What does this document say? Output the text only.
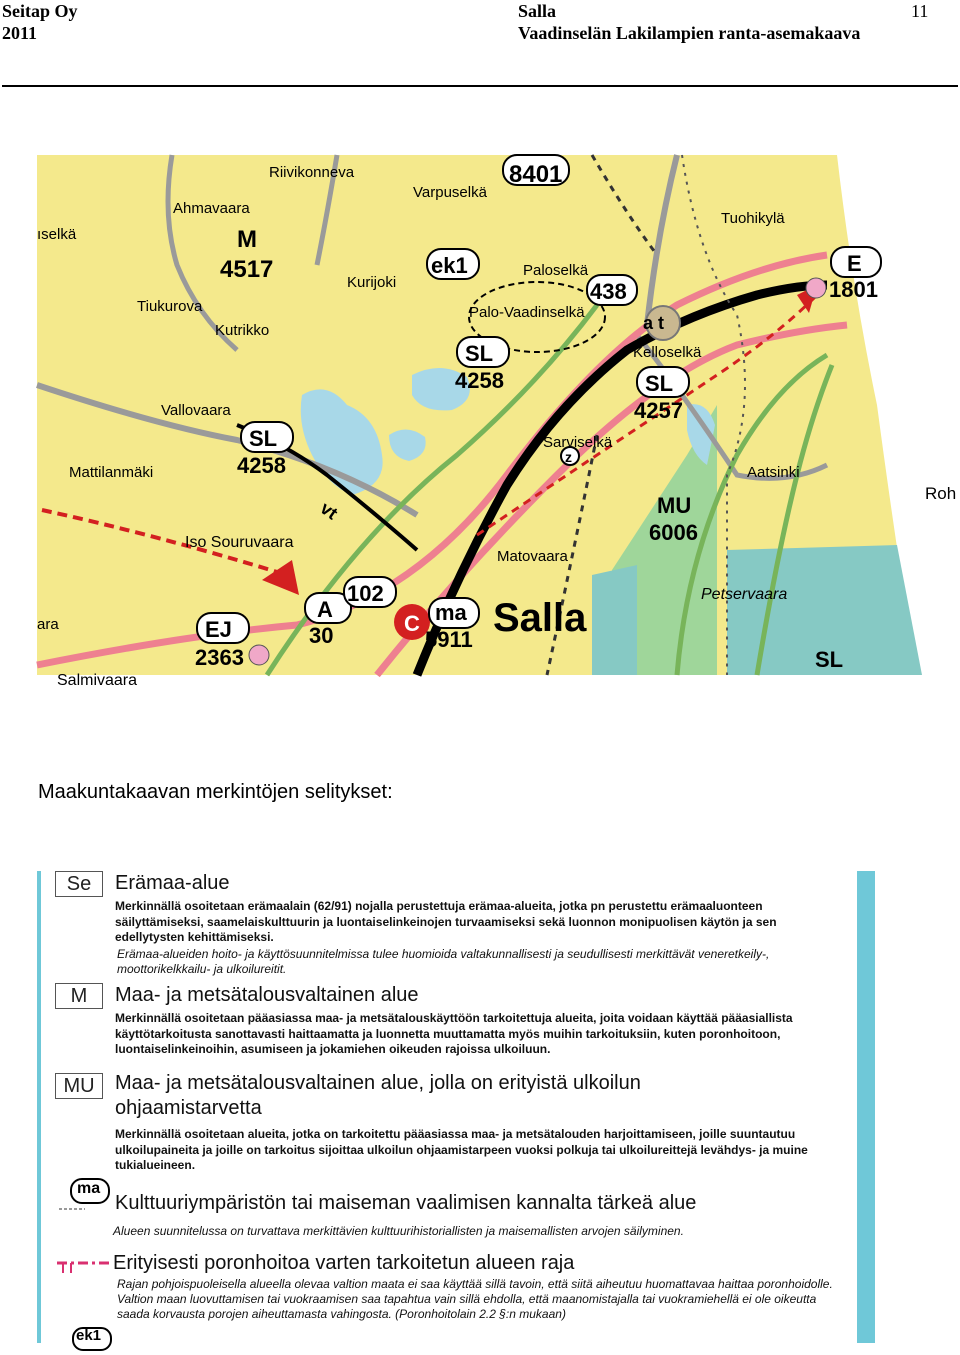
Seitap Oy
2011
Salla
Vaadinselän Lakilampien ranta-asemakaava
11
8401
M
4517	ek1
438
SL
4258
SL
4258
SL
4257
E
1801
MU
6006
A
30
102
EJ
2363
C ma
5911
SL
a t
z
Riivikonneva
Varpuselkä
Ahmavaara
ıselkä
Kurijoki
Tiukurova
Kutrikko
Paloselkä
Palo-Vaadinselkä
Kelloselkä
Vallovaara
Mattilanmäki
Sarviselkä
Tuohikylä
Aatsinki
Roh
Iso Souruvaara
Matovaara
Petservaara
Salla
ara
Salmivaara
vt
Maakuntakaavan merkintöjen selitykset:
Se	Erämaa-alue
Merkinnällä osoitetaan erämaalain (62/91) nojalla perustettuja erämaa-alueita, jotka pn perustettu erämaaluonteen säilyttämiseksi, saamelaiskulttuurin ja luontaiselinkeinojen turvaamiseksi sekä luonnon monipuolisen käytön ja sen edellytysten kehittämiseksi.
Erämaa-alueiden hoito- ja käyttösuunnitelmissa tulee huomioida valtakunnallisesti ja seudullisesti merkittävät veneretkeily-, moottorikelkkailu- ja ulkoilureitit.
M	Maa- ja metsätalousvaltainen alue
Merkinnällä osoitetaan pääasiassa maa- ja metsätalouskäyttöön tarkoitettuja alueita, joita voidaan käyttää pääasiallista käyttötarkoitusta sanottavasti haittaamatta ja luonnetta muuttamatta myös muihin tarkoituksiin, kuten poronhoitoon, luontaiselinkeinoihin, asumiseen ja jokamiehen oikeuden rajoissa ulkoiluun.
MU	Maa- ja metsätalousvaltainen alue, jolla on erityistä ulkoilun
ohjaamistarvetta
Merkinnällä osoitetaan alueita, jotka on tarkoitettu pääasiassa maa- ja metsätalouden harjoittamiseen, joille suuntautuu ulkoilupaineita ja joille on tarkoitus sijoittaa ulkoilun ohjaamistarpeen vuoksi polkuja tai ulkoilureittejä levähdys- ja muine tukialueineen.
ma
Kulttuuriympäristön tai maiseman vaalimisen kannalta tärkeä alue
Alueen suunnitelussa on turvattava merkittävien kulttuurihistoriallisten ja maisemallisten arvojen säilyminen.
Erityisesti poronhoitoa varten tarkoitetun alueen raja
Rajan pohjoispuoleisella alueella olevaa valtion maata ei saa käyttää sillä tavoin, että siitä aiheutuu huomattavaa haittaa poronhoidolle. Valtion maan luovuttamisen tai vuokraamisen saa tapahtua vain sillä ehdolla, että maanomistajalla tai vuokramiehellä ei ole oikeutta saada korvausta porojen aiheuttamasta vahingosta. (Poronhoitolain 2.2 §:n mukaan)
ek1
